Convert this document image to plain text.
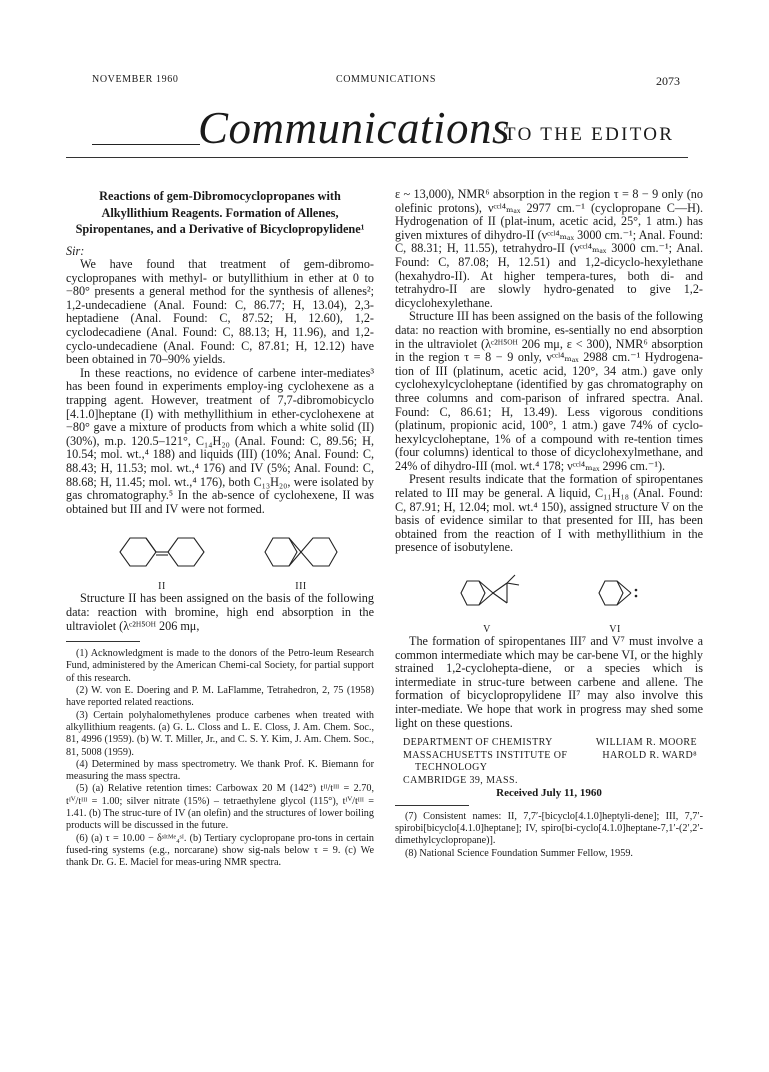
NOVEMBER 1960	COMMUNICATIONS	2073
Communications
TO THE EDITOR
Reactions of gem-Dibromocyclopropanes with Alkyllithium Reagents. Formation of Allenes, Spiropentanes, and a Derivative of Bicyclopropylidene¹
Sir:

We have found that treatment of gem-dibromo-cyclopropanes with methyl- or butyllithium in ether at 0 to −80° presents a general method for the synthesis of allenes²; 1,2-undecadiene (Anal. Found: C, 86.77; H, 13.04), 2,3-heptadiene (Anal. Found: C, 87.52; H, 12.60), 1,2-cyclodecadiene (Anal. Found: C, 88.13; H, 11.96), and 1,2-cyclo-undecadiene (Anal. Found: C, 87.81; H, 12.12) have been obtained in 70–90% yields.

In these reactions, no evidence of carbene inter-mediates³ has been found in experiments employ-ing cyclohexene as a trapping agent. However, treatment of 7,7-dibromobicyclo [4.1.0]heptane (I) with methyllithium in ether-cyclohexene at −80° gave a mixture of products from which a white solid (II) (30%), m.p. 120.5–121°, C₁₄H₂₀ (Anal. Found: C, 89.56; H, 10.54; mol. wt.,⁴ 188) and liquids (III) (10%; Anal. Found: C, 88.43; H, 11.53; mol. wt.,⁴ 176) and IV (5%; Anal. Found: C, 88.68; H, 11.45; mol. wt.,⁴ 176), both C₁₃H₂₀, were isolated by gas chromatography.⁵ In the ab-sence of cyclohexene, II was obtained but III and IV were not formed.

II	III

Structure II has been assigned on the basis of the following data: reaction with bromine, high end absorption in the ultraviolet (λᶜ²ᴴ⁵ᴼᴴ 206 mμ,

(1) Acknowledgment is made to the donors of the Petro-leum Research Fund, administered by the American Chemi-cal Society, for partial support of this research.

(2) W. von E. Doering and P. M. LaFlamme, Tetrahedron, 2, 75 (1958) have reported related reactions.

(3) Certain polyhalomethylenes produce carbenes when treated with alkyllithium reagents. (a) G. L. Closs and L. E. Closs, J. Am. Chem. Soc., 81, 4996 (1959). (b) W. T. Miller, Jr., and C. S. Y. Kim, J. Am. Chem. Soc., 81, 5008 (1959).

(4) Determined by mass spectrometry. We thank Prof. K. Biemann for measuring the mass spectra.

(5) (a) Relative retention times: Carbowax 20 M (142°) tᴵᴵ/tᴵᴵᴵ = 2.70, tᴵⱽ/tᴵᴵᴵ = 1.00; silver nitrate (15%) – tetraethylene glycol (115°), tᴵⱽ/tᴵᴵᴵ = 1.41. (b) The struc-ture of IV (an olefin) and the structures of lower boiling products will be discussed in the future.

(6) (a) τ = 10.00 − δˢᴵᵗᴹᵉ₄ˢᴵ. (b) Tertiary cyclopropane pro-tons in certain fused-ring systems (e.g., norcarane) show sig-nals below τ = 9. (c) We thank Dr. G. E. Maciel for meas-uring NMR spectra.

ε ~ 13,000), NMR⁶ absorption in the region τ = 8 − 9 only (no olefinic protons), νᶜᶜˡ⁴ₘₐₓ 2977 cm.⁻¹ (cyclopropane C—H). Hydrogenation of II (plat-inum, acetic acid, 25°, 1 atm.) has given mixtures of dihydro-II (νᶜᶜˡ⁴ₘₐₓ 3000 cm.⁻¹; Anal. Found: C, 88.31; H, 11.55), tetrahydro-II (νᶜᶜˡ⁴ₘₐₓ 3000 cm.⁻¹; Anal. Found: C, 87.08; H, 12.51) and 1,2-dicyclo-hexylethane (hexahydro-II). At higher tempera-tures, both di- and tetrahydro-II are slowly hydro-genated to give 1,2-dicyclohexylethane.

Structure III has been assigned on the basis of the following data: no reaction with bromine, es-sentially no end absorption in the ultraviolet (λᶜ²ᴴ⁵ᴼᴴ 206 mμ, ε < 300), NMR⁶ absorption in the region τ = 8 − 9 only, νᶜᶜˡ⁴ₘₐₓ 2988 cm.⁻¹ Hydrogena-tion of III (platinum, acetic acid, 120°, 34 atm.) gave only cyclohexylcycloheptane (identified by gas chromatography on three columns and com-parison of infrared spectra. Anal. Found: C, 86.61; H, 13.49). Less vigorous conditions (platinum, propionic acid, 100°, 1 atm.) gave 74% of cyclo-hexylcycloheptane, 1% of a compound with re-tention times (four columns) identical to those of dicyclohexylmethane, and 24% of dihydro-III (mol. wt.⁴ 178; νᶜᶜˡ⁴ₘₐₓ 2996 cm.⁻¹).

Present results indicate that the formation of spiropentanes related to III may be general. A liquid, C₁₁H₁₈ (Anal. Found: C, 87.91; H, 12.04; mol. wt.⁴ 150), assigned structure V on the basis of evidence similar to that presented for III, has been obtained from the reaction of I with methyllithium in the presence of isobutylene.

V	VI

The formation of spiropentanes III⁷ and V⁷ must involve a common intermediate which may be car-bene VI, or the highly strained 1,2-cyclohepta-diene, or a species which is intermediate in struc-ture between carbene and allene. The formation of bicyclopropylidene II⁷ may also involve this inter-mediate. We hope that work in progress may shed some light on these questions.

DEPARTMENT OF CHEMISTRY
MASSACHUSETTS INSTITUTE OF
TECHNOLOGY
CAMBRIDGE 39, MASS.
WILLIAM R. MOORE
HAROLD R. WARD⁸
Received July 11, 1960

(7) Consistent names: II, 7,7′-[bicyclo[4.1.0]heptyli-dene]; III, 7,7′-spirobi[bicyclo[4.1.0]heptane]; IV, spiro[bi-cyclo[4.1.0]heptane-7,1′-(2′,2′-dimethylcyclopropane)].

(8) National Science Foundation Summer Fellow, 1959.
